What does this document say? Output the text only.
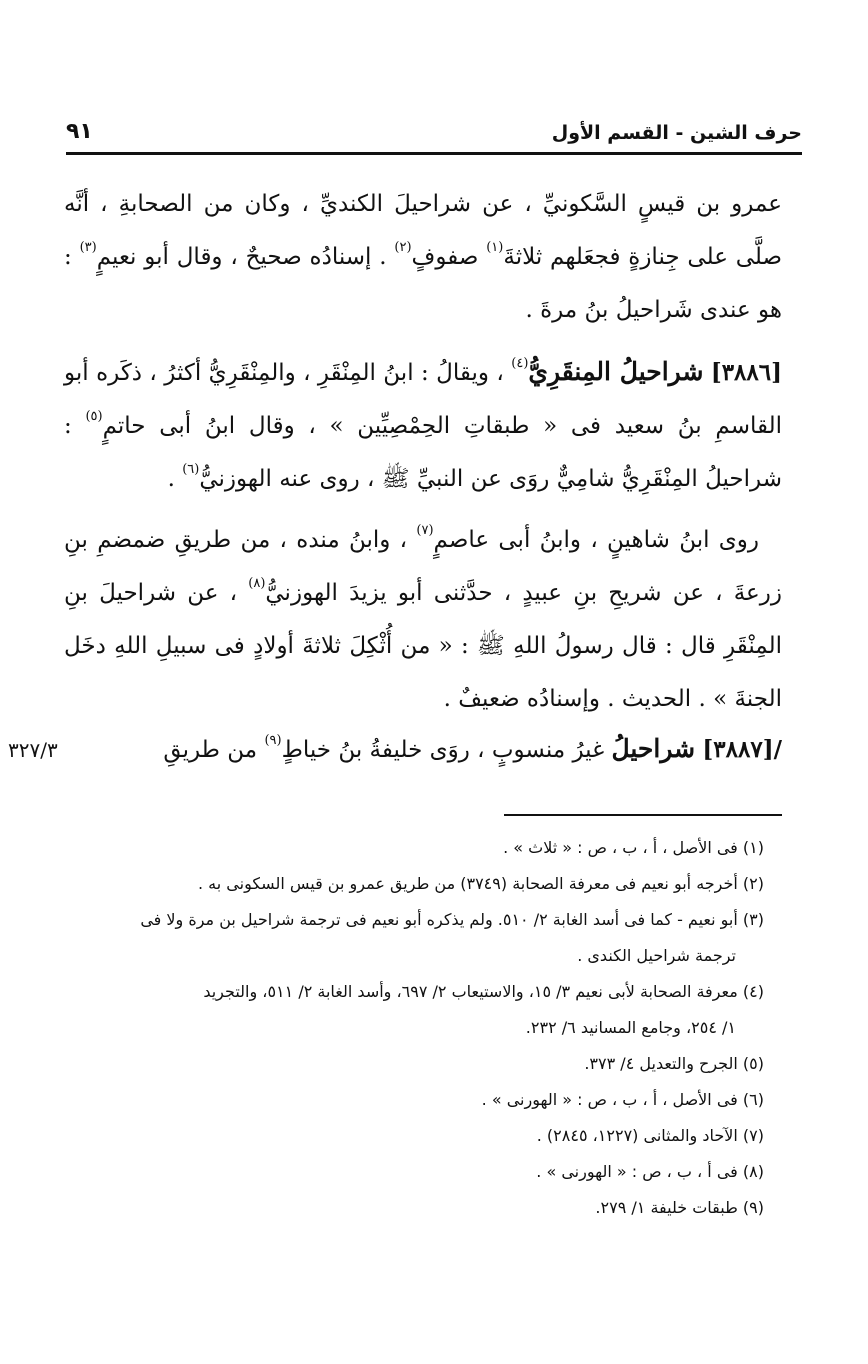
حرف الشين - القسم الأول
٩١

عمرو بن قيسٍ السَّكونيِّ ، عن شراحيلَ الكنديِّ ، وكان من الصحابةِ ، أنَّه صلَّى على جِنازةٍ فجعَلهم ثلاثةَ$^{(١)}$ صفوفٍ$^{(٢)}$ . إسنادُه صحيحٌ ، وقال أبو نعيمٍ$^{(٣)}$ : هو عندى شَراحيلُ بنُ مرةَ .

[٣٨٨٦] شراحيلُ المِنقَرِيُّ$^{(٤)}$ ، ويقالُ : ابنُ المِنْقَرِ ، والمِنْقَرِيُّ أكثرُ ، ذكَره أبو القاسمِ بنُ سعيد فى « طبقاتِ الحِمْصِيِّين » ، وقال ابنُ أبى حاتمٍ$^{(٥)}$ : شراحيلُ المِنْقَرِيُّ شامِيٌّ روَى عن النبيِّ ﷺ ، روى عنه الهوزنيُّ$^{(٦)}$ .

 روى ابنُ شاهينٍ ، وابنُ أبى عاصمٍ$^{(٧)}$ ، وابنُ منده ، من طريقِ ضمضمِ بنِ زرعةَ ، عن شريحِ بنِ عبيدٍ ، حدَّثنى أبو يزيدَ الهوزنيُّ$^{(٨)}$ ، عن شراحيلَ بنِ المِنْقَرِ قال : قال رسولُ اللهِ ﷺ : « من أُثْكِلَ ثلاثةَ أولادٍ فى سبيلِ اللهِ دخَل الجنةَ » . الحديث . وإسنادُه ضعيفٌ .

/[٣٨٨٧] شراحيلُ غيرُ منسوبٍ ، روَى خليفةُ بنُ خياطٍ$^{(٩)}$ من طريقِ
٣٢٧/٣

(١) فى الأصل ، أ ، ب ، ص : « ثلاث » .

(٢) أخرجه أبو نعيم فى معرفة الصحابة (٣٧٤٩) من طريق عمرو بن قيس السكونى به .

(٣) أبو نعيم - كما فى أسد الغابة ٢/ ٥١٠. ولم يذكره أبو نعيم فى ترجمة شراحيل بن مرة ولا فى
ترجمة شراحيل الكندى .

(٤) معرفة الصحابة لأبى نعيم ٣/ ١٥، والاستيعاب ٢/ ٦٩٧، وأسد الغابة ٢/ ٥١١، والتجريد
١/ ٢٥٤، وجامع المسانيد ٦/ ٢٣٢.

(٥) الجرح والتعديل ٤/ ٣٧٣.

(٦) فى الأصل ، أ ، ب ، ص : « الهورنى » .

(٧) الآحاد والمثانى (١٢٢٧، ٢٨٤٥) .

(٨) فى أ ، ب ، ص : « الهورنى » .

(٩) طبقات خليفة ١/ ٢٧٩.
